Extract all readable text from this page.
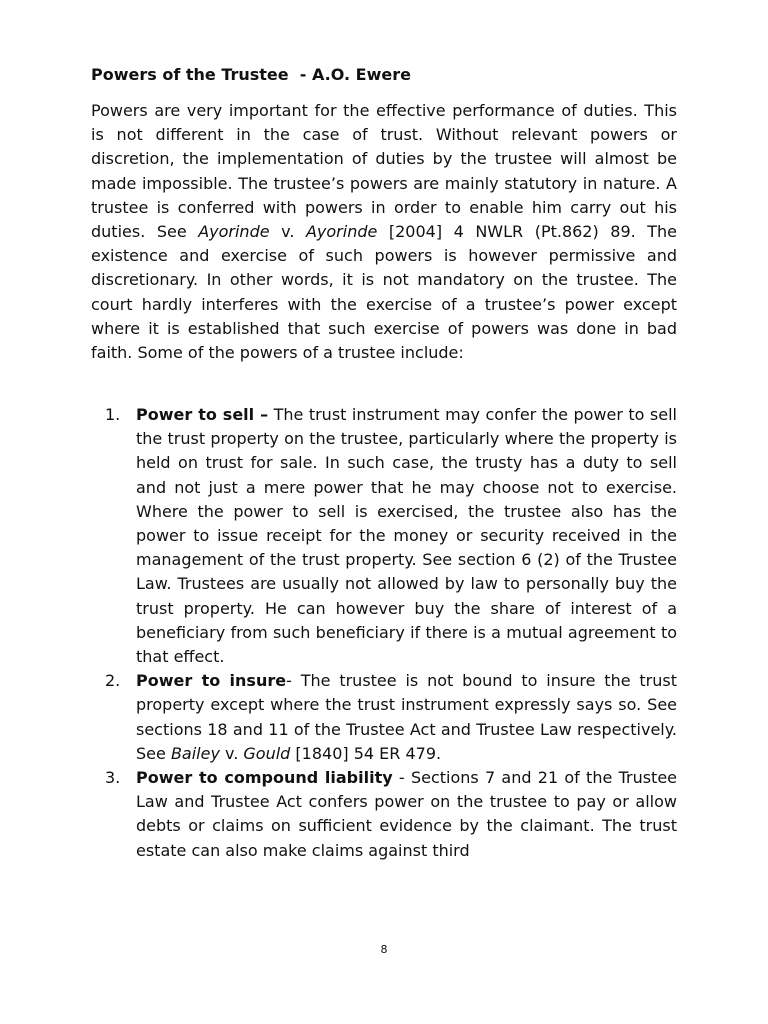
Powers of the Trustee  - A.O. Ewere

Powers are very important for the effective performance of duties. This is not different in the case of trust. Without relevant powers or discretion, the implementation of duties by the trustee will almost be made impossible. The trustee’s powers are mainly statutory in nature. A trustee is conferred with powers in order to enable him carry out his duties. See Ayorinde v. Ayorinde [2004] 4 NWLR (Pt.862) 89. The existence and exercise of such powers is however permissive and discretionary. In other words, it is not mandatory on the trustee. The court hardly interferes with the exercise of a trustee’s power except where it is established that such exercise of powers was done in bad faith. Some of the powers of a trustee include:

1. Power to sell – The trust instrument may confer the power to sell the trust property on the trustee, particularly where the property is held on trust for sale. In such case, the trusty has a duty to sell and not just a mere power that he may choose not to exercise. Where the power to sell is exercised, the trustee also has the power to issue receipt for the money or security received in the management of the trust property. See section 6 (2) of the Trustee Law. Trustees are usually not allowed by law to personally buy the trust property. He can however buy the share of interest of a beneficiary from such beneficiary if there is a mutual agreement to that effect.
2. Power to insure- The trustee is not bound to insure the trust property except where the trust instrument expressly says so. See sections 18 and 11 of the Trustee Act and Trustee Law respectively. See Bailey v. Gould [1840] 54 ER 479.
3. Power to compound liability - Sections 7 and 21 of the Trustee Law and Trustee Act confers power on the trustee to pay or allow debts or claims on sufficient evidence by the claimant. The trust estate can also make claims against third
8
